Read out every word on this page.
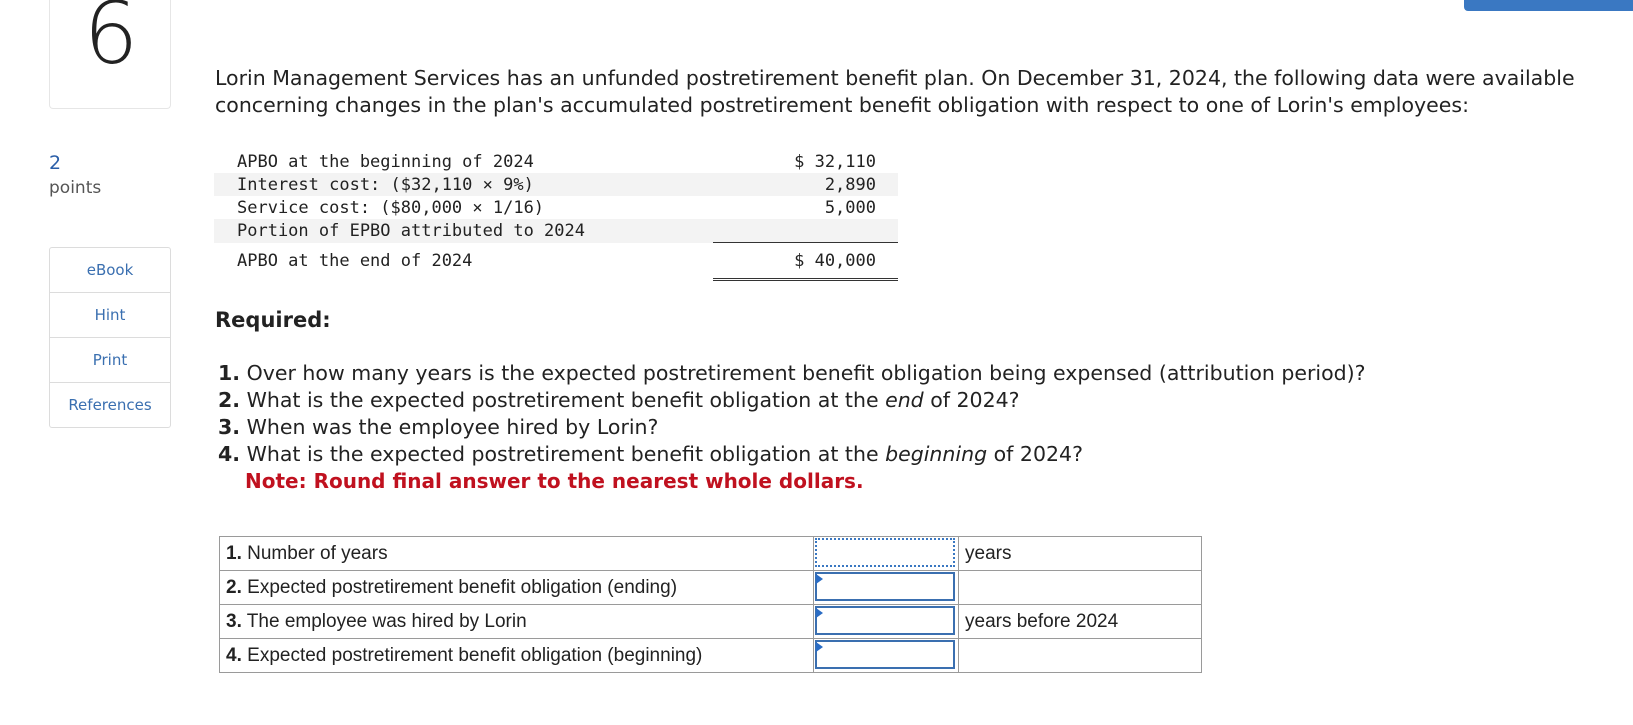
6
2
points
eBook
Hint
Print
References
Lorin Management Services has an unfunded postretirement benefit plan. On December 31, 2024, the following data were available concerning changes in the plan's accumulated postretirement benefit obligation with respect to one of Lorin's employees:
APBO at the beginning of 2024	$ 32,110
Interest cost: ($32,110 × 9%)	2,890
Service cost: ($80,000 × 1/16)	5,000
Portion of EPBO attributed to 2024	
APBO at the end of 2024	$ 40,000
Required:
1. Over how many years is the expected postretirement benefit obligation being expensed (attribution period)?
2. What is the expected postretirement benefit obligation at the end of 2024?
3. When was the employee hired by Lorin?
4. What is the expected postretirement benefit obligation at the beginning of 2024?
Note: Round final answer to the nearest whole dollars.
1. Number of years		years
2. Expected postretirement benefit obligation (ending)	

3. The employee was hired by Lorin		years before 2024
4. Expected postretirement benefit obligation (beginning)	
